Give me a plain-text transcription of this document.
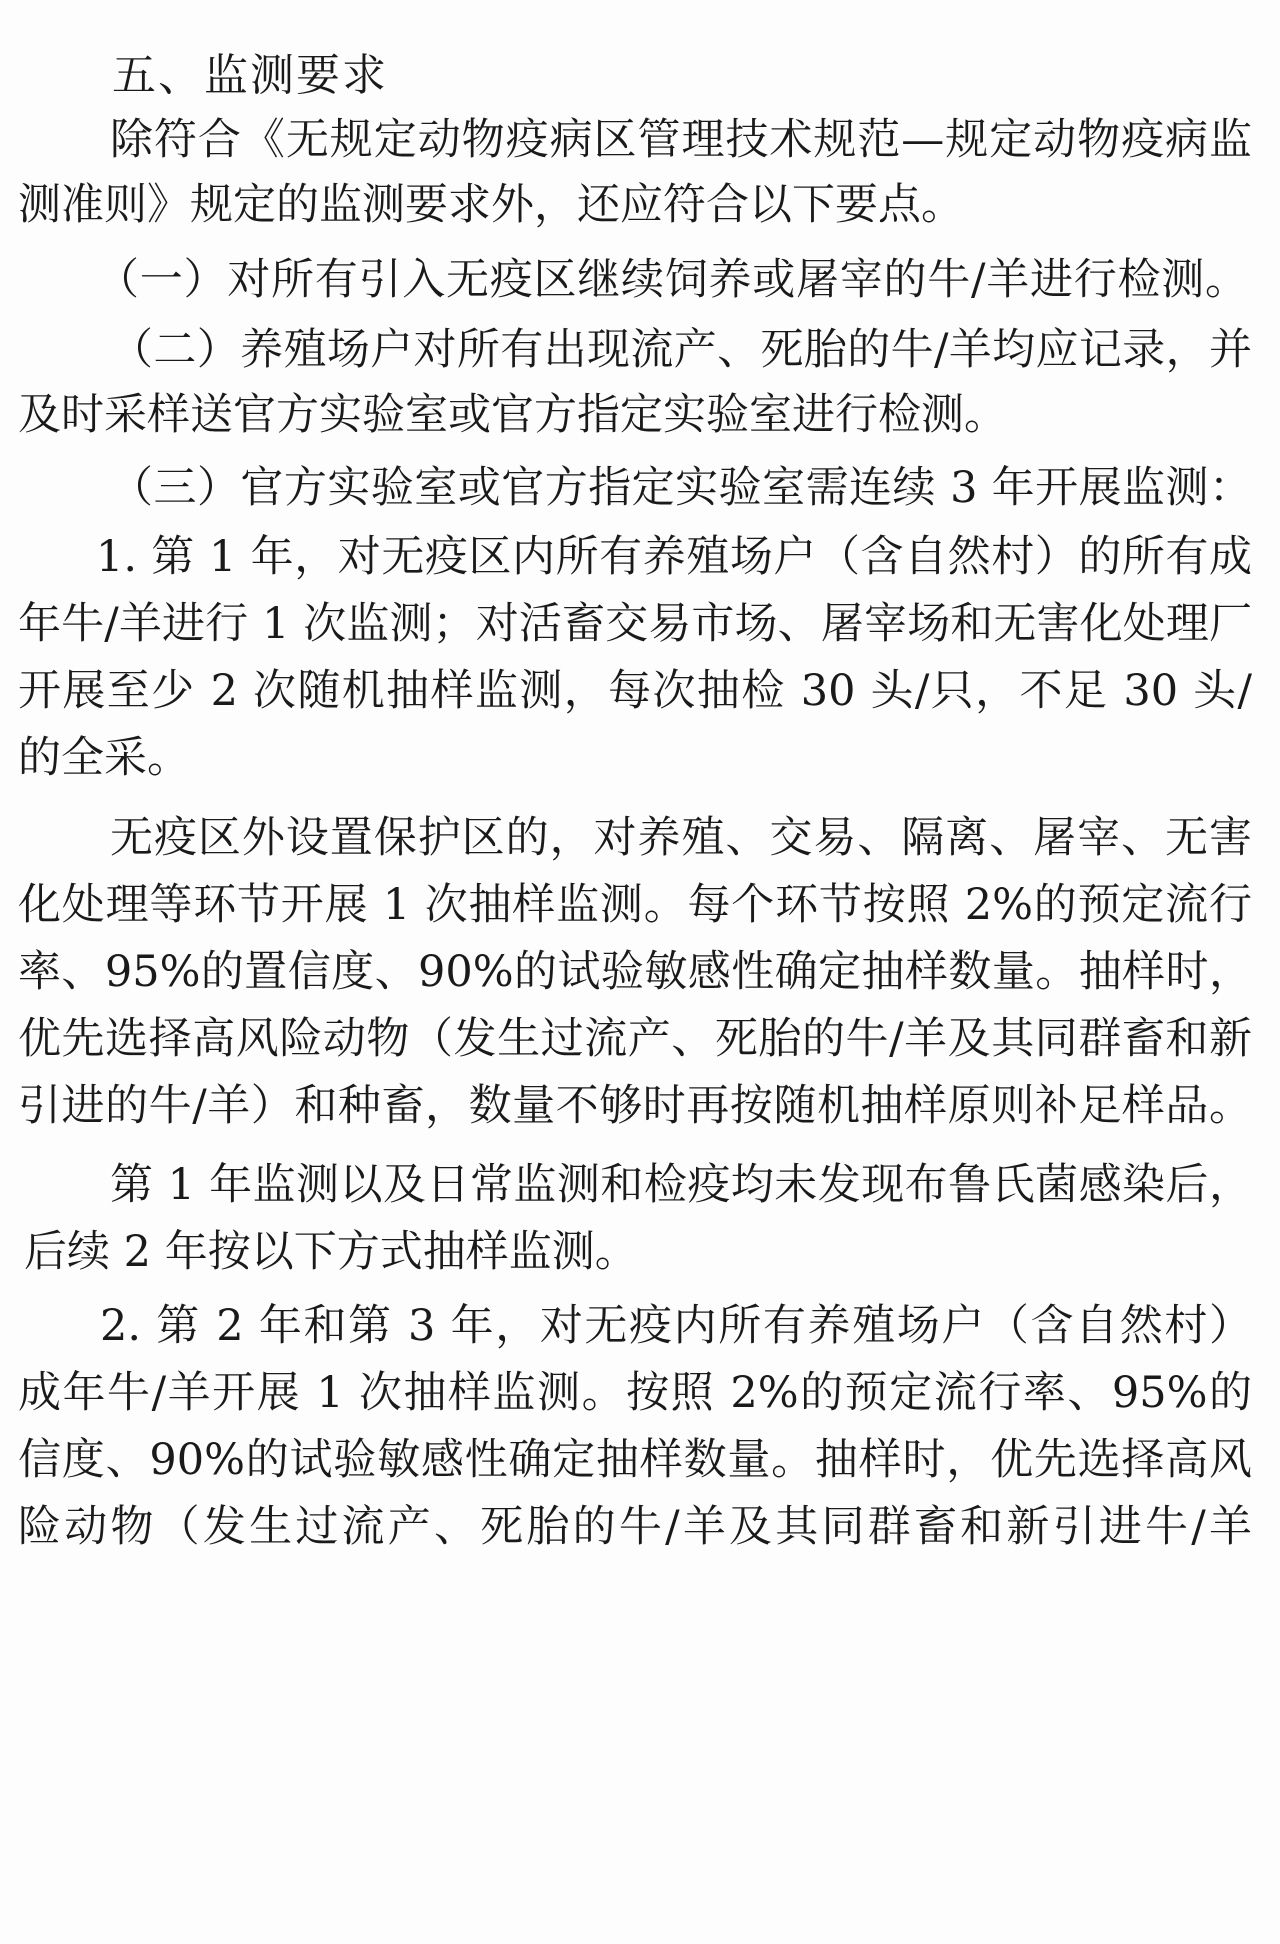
五、监测要求
除符合《无规定动物疫病区管理技术规范—规定动物疫病监
测准则》规定的监测要求外，还应符合以下要点。
（一）对所有引入无疫区继续饲养或屠宰的牛/羊进行检测。
（二）养殖场户对所有出现流产、死胎的牛/羊均应记录，并
及时采样送官方实验室或官方指定实验室进行检测。
（三）官方实验室或官方指定实验室需连续 3 年开展监测：
1. 第 1 年，对无疫区内所有养殖场户（含自然村）的所有成
年牛/羊进行 1 次监测；对活畜交易市场、屠宰场和无害化处理厂
开展至少 2 次随机抽样监测，每次抽检 30 头/只，不足 30 头/
的全采。
无疫区外设置保护区的，对养殖、交易、隔离、屠宰、无害
化处理等环节开展 1 次抽样监测。每个环节按照 2%的预定流行
率、95%的置信度、90%的试验敏感性确定抽样数量。抽样时，
优先选择高风险动物（发生过流产、死胎的牛/羊及其同群畜和新
引进的牛/羊）和种畜，数量不够时再按随机抽样原则补足样品。
第 1 年监测以及日常监测和检疫均未发现布鲁氏菌感染后，
后续 2 年按以下方式抽样监测。
2. 第 2 年和第 3 年，对无疫内所有养殖场户（含自然村）
成年牛/羊开展 1 次抽样监测。按照 2%的预定流行率、95%的
信度、90%的试验敏感性确定抽样数量。抽样时，优先选择高风
险动物（发生过流产、死胎的牛/羊及其同群畜和新引进牛/羊
